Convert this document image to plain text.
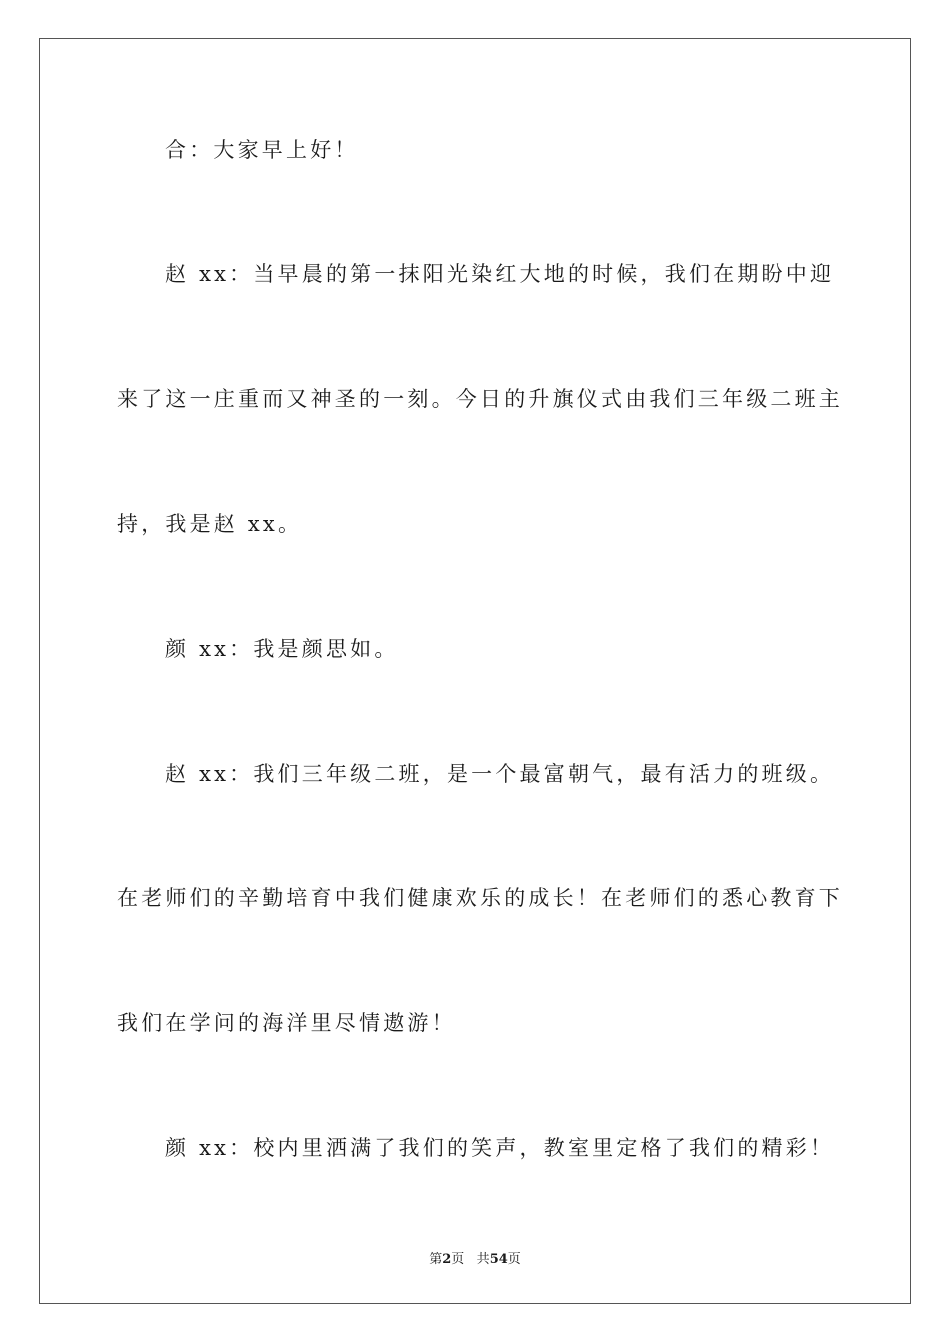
合：大家早上好！

赵 xx：当早晨的第一抹阳光染红大地的时候，我们在期盼中迎

来了这一庄重而又神圣的一刻。今日的升旗仪式由我们三年级二班主

持，我是赵 xx。

颜 xx：我是颜思如。

赵 xx：我们三年级二班，是一个最富朝气，最有活力的班级。

在老师们的辛勤培育中我们健康欢乐的成长！在老师们的悉心教育下

我们在学问的海洋里尽情遨游！

颜 xx：校内里洒满了我们的笑声，教室里定格了我们的精彩！

第2页 共54页
